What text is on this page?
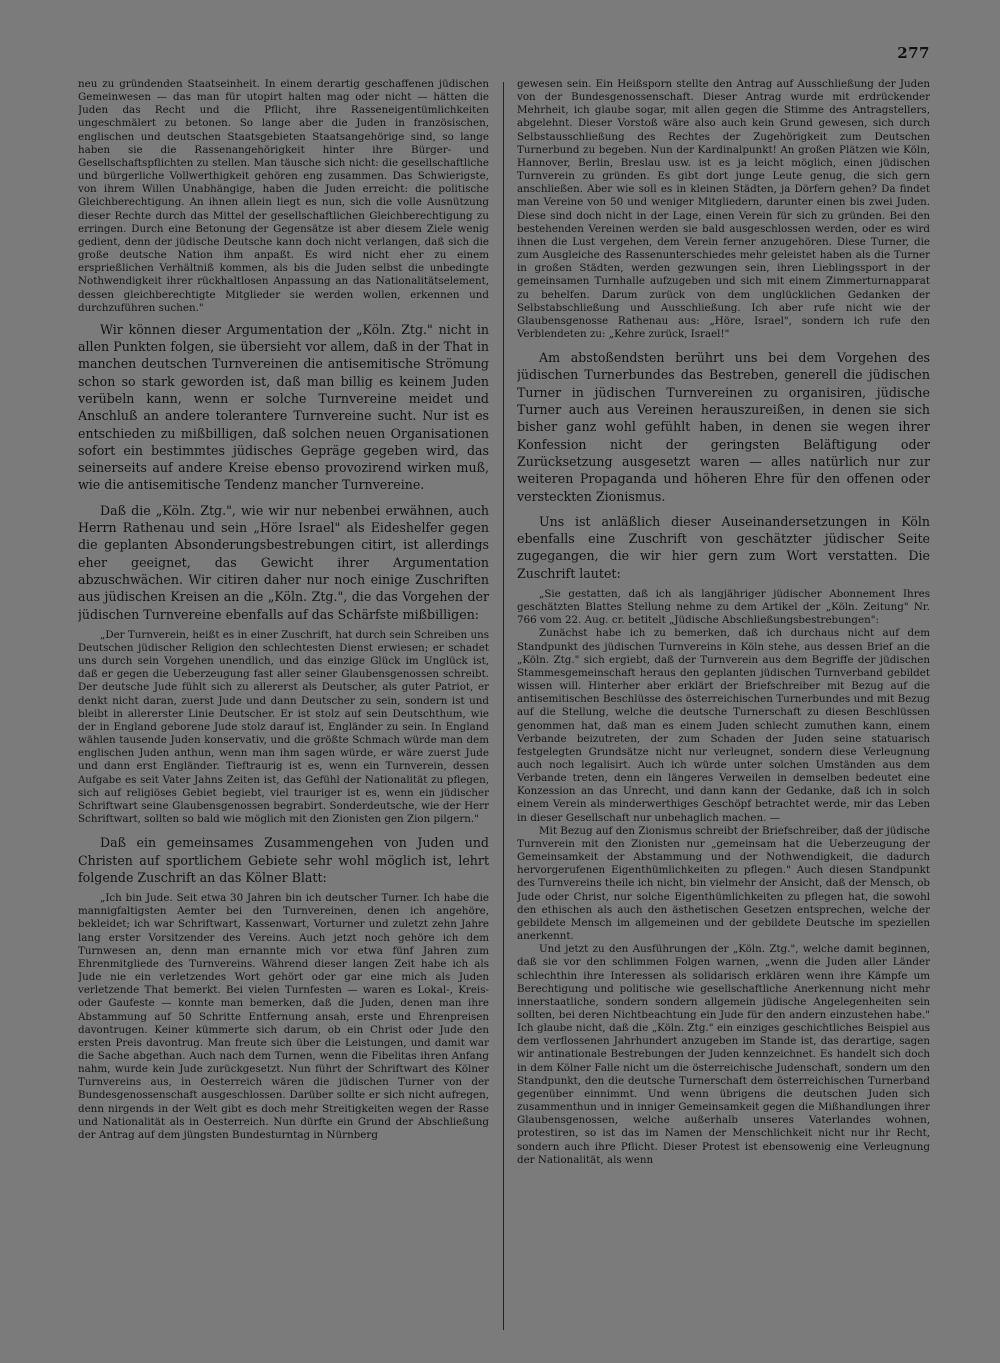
277

neu zu gründenden Staatseinheit. In einem derartig geschaffenen jüdischen Gemeinwesen — das man für utopirt halten mag oder nicht — hätten die Juden das Recht und die Pflicht, ihre Rasseneigentümlichkeiten ungeschmälert zu betonen. So lange aber die Juden in französischen, englischen und deutschen Staatsgebieten Staatsangehörige sind, so lange haben sie die Rassenangehörigkeit hinter ihre Bürger- und Gesellschaftspflichten zu stellen. Man täusche sich nicht: die gesellschaftliche und bürgerliche Vollwerthigkeit gehören eng zusammen. Das Schwierigste, von ihrem Willen Unabhängige, haben die Juden erreicht: die politische Gleichberechtigung. An ihnen allein liegt es nun, sich die volle Ausnützung dieser Rechte durch das Mittel der gesellschaftlichen Gleichberechtigung zu erringen. Durch eine Betonung der Gegensätze ist aber diesem Ziele wenig gedient, denn der jüdische Deutsche kann doch nicht verlangen, daß sich die große deutsche Nation ihm anpaßt. Es wird nicht eher zu einem ersprießlichen Verhältniß kommen, als bis die Juden selbst die unbedingte Nothwendigkeit ihrer rückhaltlosen Anpassung an das Nationalitätselement, dessen gleichberechtigte Mitglieder sie werden wollen, erkennen und durchzuführen suchen."

Wir können dieser Argumentation der „Köln. Ztg." nicht in allen Punkten folgen, sie übersieht vor allem, daß in der That in manchen deutschen Turnvereinen die antisemitische Strömung schon so stark geworden ist, daß man billig es keinem Juden verübeln kann, wenn er solche Turnvereine meidet und Anschluß an andere tolerantere Turnvereine sucht. Nur ist es entschieden zu mißbilligen, daß solchen neuen Organisationen sofort ein bestimmtes jüdisches Gepräge gegeben wird, das seinerseits auf andere Kreise ebenso provozirend wirken muß, wie die antisemitische Tendenz mancher Turnvereine.

Daß die „Köln. Ztg.", wie wir nur nebenbei erwähnen, auch Herrn Rathenau und sein „Höre Israel" als Eideshelfer gegen die geplanten Absonderungsbestrebungen citirt, ist allerdings eher geeignet, das Gewicht ihrer Argumentation abzuschwächen. Wir citiren daher nur noch einige Zuschriften aus jüdischen Kreisen an die „Köln. Ztg.", die das Vorgehen der jüdischen Turnvereine ebenfalls auf das Schärfste mißbilligen:

„Der Turnverein, heißt es in einer Zuschrift, hat durch sein Schreiben uns Deutschen jüdischer Religion den schlechtesten Dienst erwiesen; er schadet uns durch sein Vorgehen unendlich, und das einzige Glück im Unglück ist, daß er gegen die Ueberzeugung fast aller seiner Glaubensgenossen schreibt. Der deutsche Jude fühlt sich zu allererst als Deutscher, als guter Patriot, er denkt nicht daran, zuerst Jude und dann Deutscher zu sein, sondern ist und bleibt in allererster Linie Deutscher. Er ist stolz auf sein Deutschthum, wie der in England geborene Jude stolz darauf ist, Engländer zu sein. In England wählen tausende Juden konservativ, und die größte Schmach würde man dem englischen Juden anthun, wenn man ihm sagen würde, er wäre zuerst Jude und dann erst Engländer. Tieftraurig ist es, wenn ein Turnverein, dessen Aufgabe es seit Vater Jahns Zeiten ist, das Gefühl der Nationalität zu pflegen, sich auf religiöses Gebiet begiebt, viel trauriger ist es, wenn ein jüdischer Schriftwart seine Glaubensgenossen begrabirt. Sonderdeutsche, wie der Herr Schriftwart, sollten so bald wie möglich mit den Zionisten gen Zion pilgern."

Daß ein gemeinsames Zusammengehen von Juden und Christen auf sportlichem Gebiete sehr wohl möglich ist, lehrt folgende Zuschrift an das Kölner Blatt:

„Ich bin Jude. Seit etwa 30 Jahren bin ich deutscher Turner. Ich habe die mannigfaltigsten Aemter bei den Turnvereinen, denen ich angehöre, bekleidet; ich war Schriftwart, Kassenwart, Vorturner und zuletzt zehn Jahre lang erster Vorsitzender des Vereins. Auch jetzt noch gehöre ich dem Turnwesen an, denn man ernannte mich vor etwa fünf Jahren zum Ehrenmitgliede des Turnvereins. Während dieser langen Zeit habe ich als Jude nie ein verletzendes Wort gehört oder gar eine mich als Juden verletzende That bemerkt. Bei vielen Turnfesten — waren es Lokal-, Kreis- oder Gaufeste — konnte man bemerken, daß die Juden, denen man ihre Abstammung auf 50 Schritte Entfernung ansah, erste und Ehrenpreisen davontrugen. Keiner kümmerte sich darum, ob ein Christ oder Jude den ersten Preis davontrug. Man freute sich über die Leistungen, und damit war die Sache abgethan. Auch nach dem Turnen, wenn die Fibelitas ihren Anfang nahm, wurde kein Jude zurückgesetzt. Nun führt der Schriftwart des Kölner Turnvereins aus, in Oesterreich wären die jüdischen Turner von der Bundesgenossenschaft ausgeschlossen. Darüber sollte er sich nicht aufregen, denn nirgends in der Welt gibt es doch mehr Streitigkeiten wegen der Rasse und Nationalität als in Oesterreich. Nun dürfte ein Grund der Abschließung der Antrag auf dem jüngsten Bundesturntag in Nürnberg

gewesen sein. Ein Heißsporn stellte den Antrag auf Ausschließung der Juden von der Bundesgenossenschaft. Dieser Antrag wurde mit erdrückender Mehrheit, ich glaube sogar, mit allen gegen die Stimme des Antragstellers, abgelehnt. Dieser Vorstoß wäre also auch kein Grund gewesen, sich durch Selbstausschließung des Rechtes der Zugehörigkeit zum Deutschen Turnerbund zu begeben. Nun der Kardinalpunkt! An großen Plätzen wie Köln, Hannover, Berlin, Breslau usw. ist es ja leicht möglich, einen jüdischen Turnverein zu gründen. Es gibt dort junge Leute genug, die sich gern anschließen. Aber wie soll es in kleinen Städten, ja Dörfern gehen? Da findet man Vereine von 50 und weniger Mitgliedern, darunter einen bis zwei Juden. Diese sind doch nicht in der Lage, einen Verein für sich zu gründen. Bei den bestehenden Vereinen werden sie bald ausgeschlossen werden, oder es wird ihnen die Lust vergehen, dem Verein ferner anzugehören. Diese Turner, die zum Ausgleiche des Rassenunterschiedes mehr geleistet haben als die Turner in großen Städten, werden gezwungen sein, ihren Lieblingssport in der gemeinsamen Turnhalle aufzugeben und sich mit einem Zimmerturnapparat zu behelfen. Darum zurück von dem unglücklichen Gedanken der Selbstabschließung und Ausschließung. Ich aber rufe nicht wie der Glaubensgenosse Rathenau aus: „Höre, Israel", sondern ich rufe den Verblendeten zu: „Kehre zurück, Israel!"

Am abstoßendsten berührt uns bei dem Vorgehen des jüdischen Turnerbundes das Bestreben, generell die jüdischen Turner in jüdischen Turnvereinen zu organisiren, jüdische Turner auch aus Vereinen herauszureißen, in denen sie sich bisher ganz wohl gefühlt haben, in denen sie wegen ihrer Konfession nicht der geringsten Beläftigung oder Zurücksetzung ausgesetzt waren — alles natürlich nur zur weiteren Propaganda und höheren Ehre für den offenen oder versteckten Zionismus.

Uns ist anläßlich dieser Auseinandersetzungen in Köln ebenfalls eine Zuschrift von geschätzter jüdischer Seite zugegangen, die wir hier gern zum Wort verstatten. Die Zuschrift lautet:

„Sie gestatten, daß ich als langjähriger jüdischer Abonnement Ihres geschätzten Blattes Stellung nehme zu dem Artikel der „Köln. Zeitung" Nr. 766 vom 22. Aug. cr. betitelt „Jüdische Abschließungsbestrebungen":

Zunächst habe ich zu bemerken, daß ich durchaus nicht auf dem Standpunkt des jüdischen Turnvereins in Köln stehe, aus dessen Brief an die „Köln. Ztg." sich ergiebt, daß der Turnverein aus dem Begriffe der jüdischen Stammesgemeinschaft heraus den geplanten jüdischen Turnverband gebildet wissen will. Hinterher aber erklärt der Briefschreiber mit Bezug auf die antisemitischen Beschlüsse des österreichischen Turnerbundes und mit Bezug auf die Stellung, welche die deutsche Turnerschaft zu diesen Beschlüssen genommen hat, daß man es einem Juden schlecht zumuthen kann, einem Verbande beizutreten, der zum Schaden der Juden seine statuarisch festgelegten Grundsätze nicht nur verleugnet, sondern diese Verleugnung auch noch legalisirt. Auch ich würde unter solchen Umständen aus dem Verbande treten, denn ein längeres Verweilen in demselben bedeutet eine Konzession an das Unrecht, und dann kann der Gedanke, daß ich in solch einem Verein als minderwerthiges Geschöpf betrachtet werde, mir das Leben in dieser Gesellschaft nur unbehaglich machen. —

Mit Bezug auf den Zionismus schreibt der Briefschreiber, daß der jüdische Turnverein mit den Zionisten nur „gemeinsam hat die Ueberzeugung der Gemeinsamkeit der Abstammung und der Nothwendigkeit, die dadurch hervorgerufenen Eigenthümlichkeiten zu pflegen." Auch diesen Standpunkt des Turnvereins theile ich nicht, bin vielmehr der Ansicht, daß der Mensch, ob Jude oder Christ, nur solche Eigenthümlichkeiten zu pflegen hat, die sowohl den ethischen als auch den ästhetischen Gesetzen entsprechen, welche der gebildete Mensch im allgemeinen und der gebildete Deutsche im speziellen anerkennt.

Und jetzt zu den Ausführungen der „Köln. Ztg.", welche damit beginnen, daß sie vor den schlimmen Folgen warnen, „wenn die Juden aller Länder schlechthin ihre Interessen als solidarisch erklären wenn ihre Kämpfe um Berechtigung und politische wie gesellschaftliche Anerkennung nicht mehr innerstaatliche, sondern sondern allgemein jüdische Angelegenheiten sein sollten, bei deren Nichtbeachtung ein Jude für den andern einzustehen habe." Ich glaube nicht, daß die „Köln. Ztg." ein einziges geschichtliches Beispiel aus dem verflossenen Jahrhundert anzugeben im Stande ist, das derartige, sagen wir antinationale Bestrebungen der Juden kennzeichnet. Es handelt sich doch in dem Kölner Falle nicht um die österreichische Judenschaft, sondern um den Standpunkt, den die deutsche Turnerschaft dem österreichischen Turnerband gegenüber einnimmt. Und wenn übrigens die deutschen Juden sich zusammenthun und in inniger Gemeinsamkeit gegen die Mißhandlungen ihrer Glaubensgenossen, welche außerhalb unseres Vaterlandes wohnen, protestiren, so ist das im Namen der Menschlichkeit nicht nur ihr Recht, sondern auch ihre Pflicht. Dieser Protest ist ebensowenig eine Verleugnung der Nationalität, als wenn
